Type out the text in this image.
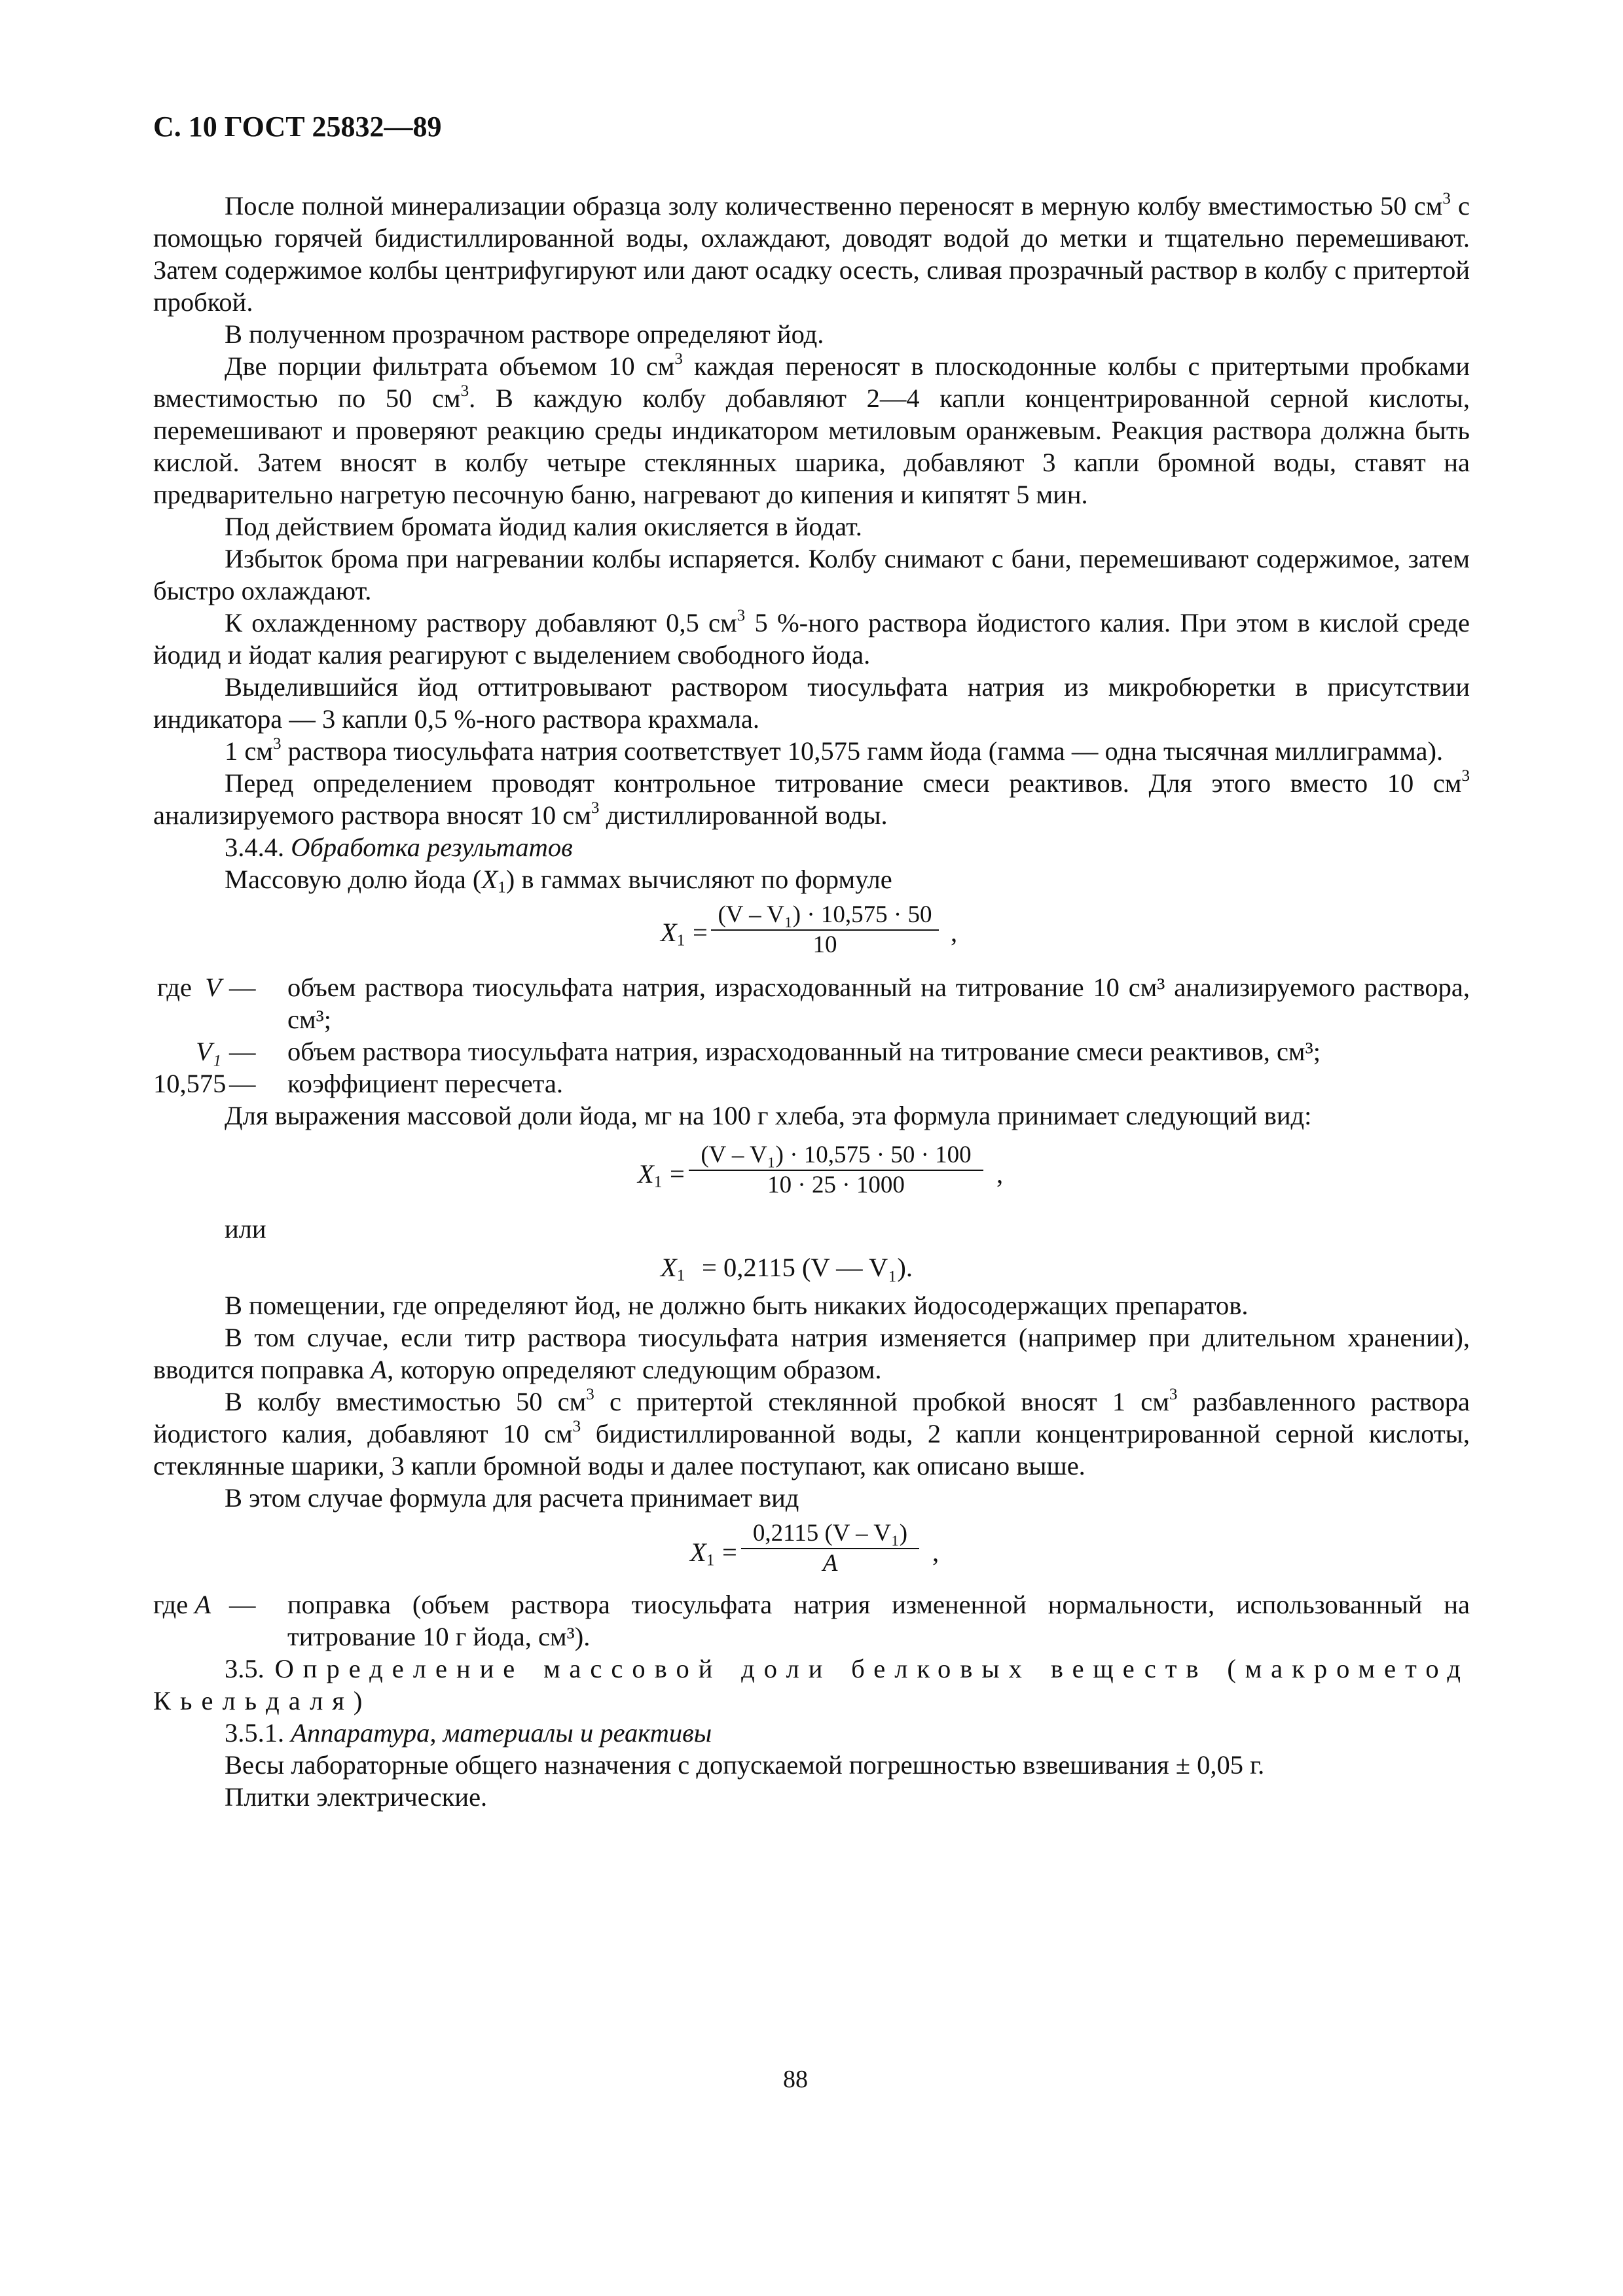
С. 10 ГОСТ 25832—89

После полной минерализации образца золу количественно переносят в мерную колбу вместимостью 50 $см^3$ с помощью горячей бидистиллированной воды, охлаждают, доводят водой до метки и тщательно перемешивают. Затем содержимое колбы центрифугируют или дают осадку осесть, сливая прозрачный раствор в колбу с притертой пробкой.

В полученном прозрачном растворе определяют йод.

Две порции фильтрата объемом 10 $см^3$ каждая переносят в плоскодонные колбы с притертыми пробками вместимостью по 50 $см^3$. В каждую колбу добавляют 2—4 капли концентрированной серной кислоты, перемешивают и проверяют реакцию среды индикатором метиловым оранжевым. Реакция раствора должна быть кислой. Затем вносят в колбу четыре стеклянных шарика, добавляют 3 капли бромной воды, ставят на предварительно нагретую песочную баню, нагревают до кипения и кипятят 5 мин.

Под действием бромата йодид калия окисляется в йодат.

Избыток брома при нагревании колбы испаряется. Колбу снимают с бани, перемешивают содержимое, затем быстро охлаждают.

К охлажденному раствору добавляют 0,5 $см^3$ 5 %-ного раствора йодистого калия. При этом в кислой среде йодид и йодат калия реагируют с выделением свободного йода.

Выделившийся йод оттитровывают раствором тиосульфата натрия из микробюретки в присутствии индикатора — 3 капли 0,5 %-ного раствора крахмала.

1 $см^3$ раствора тиосульфата натрия соответствует 10,575 гамм йода (гамма — одна тысячная миллиграмма).

Перед определением проводят контрольное титрование смеси реактивов. Для этого вместо 10 $см^3$ анализируемого раствора вносят 10 $см^3$ дистиллированной воды.

3.4.4. Обработка результатов

Массовую долю йода $(X_1)$ в гаммах вычисляют по формуле

$X_1$ =
(V – V₁) · 10,575 · 50
10	,
где V — объем раствора тиосульфата натрия, израсходованный на титрование 10 см³ анализируемого раствора, см³;
V₁ — объем раствора тиосульфата натрия, израсходованный на титрование смеси реактивов, см³;
10,575 — коэффициент пересчета.

Для выражения массовой доли йода, мг на 100 г хлеба, эта формула принимает следующий вид:

$X_1$ =
(V – V₁) · 10,575 · 50 · 100
10 · 25 · 1000	,

или

$X_1 = 0,2115$ (V — V₁).

В помещении, где определяют йод, не должно быть никаких йодосодержащих препаратов.

В том случае, если титр раствора тиосульфата натрия изменяется (например при длительном хранении), вводится поправка A, которую определяют следующим образом.

В колбу вместимостью 50 $см^3$ с притертой стеклянной пробкой вносят 1 $см^3$ разбавленного раствора йодистого калия, добавляют 10 $см^3$ бидистиллированной воды, 2 капли концентрированной серной кислоты, стеклянные шарики, 3 капли бромной воды и далее поступают, как описано выше.

В этом случае формула для расчета принимает вид

$X_1$ =
0,2115 (V – V₁)
A	,
где A — поправка (объем раствора тиосульфата натрия измененной нормальности, использованный на титрование 10 г йода, см³).

3.5. Определение массовой доли белковых веществ (макрометод Кьельдаля)

3.5.1. Аппаратура, материалы и реактивы

Весы лабораторные общего назначения с допускаемой погрешностью взвешивания ± 0,05 г.

Плитки электрические.

88
